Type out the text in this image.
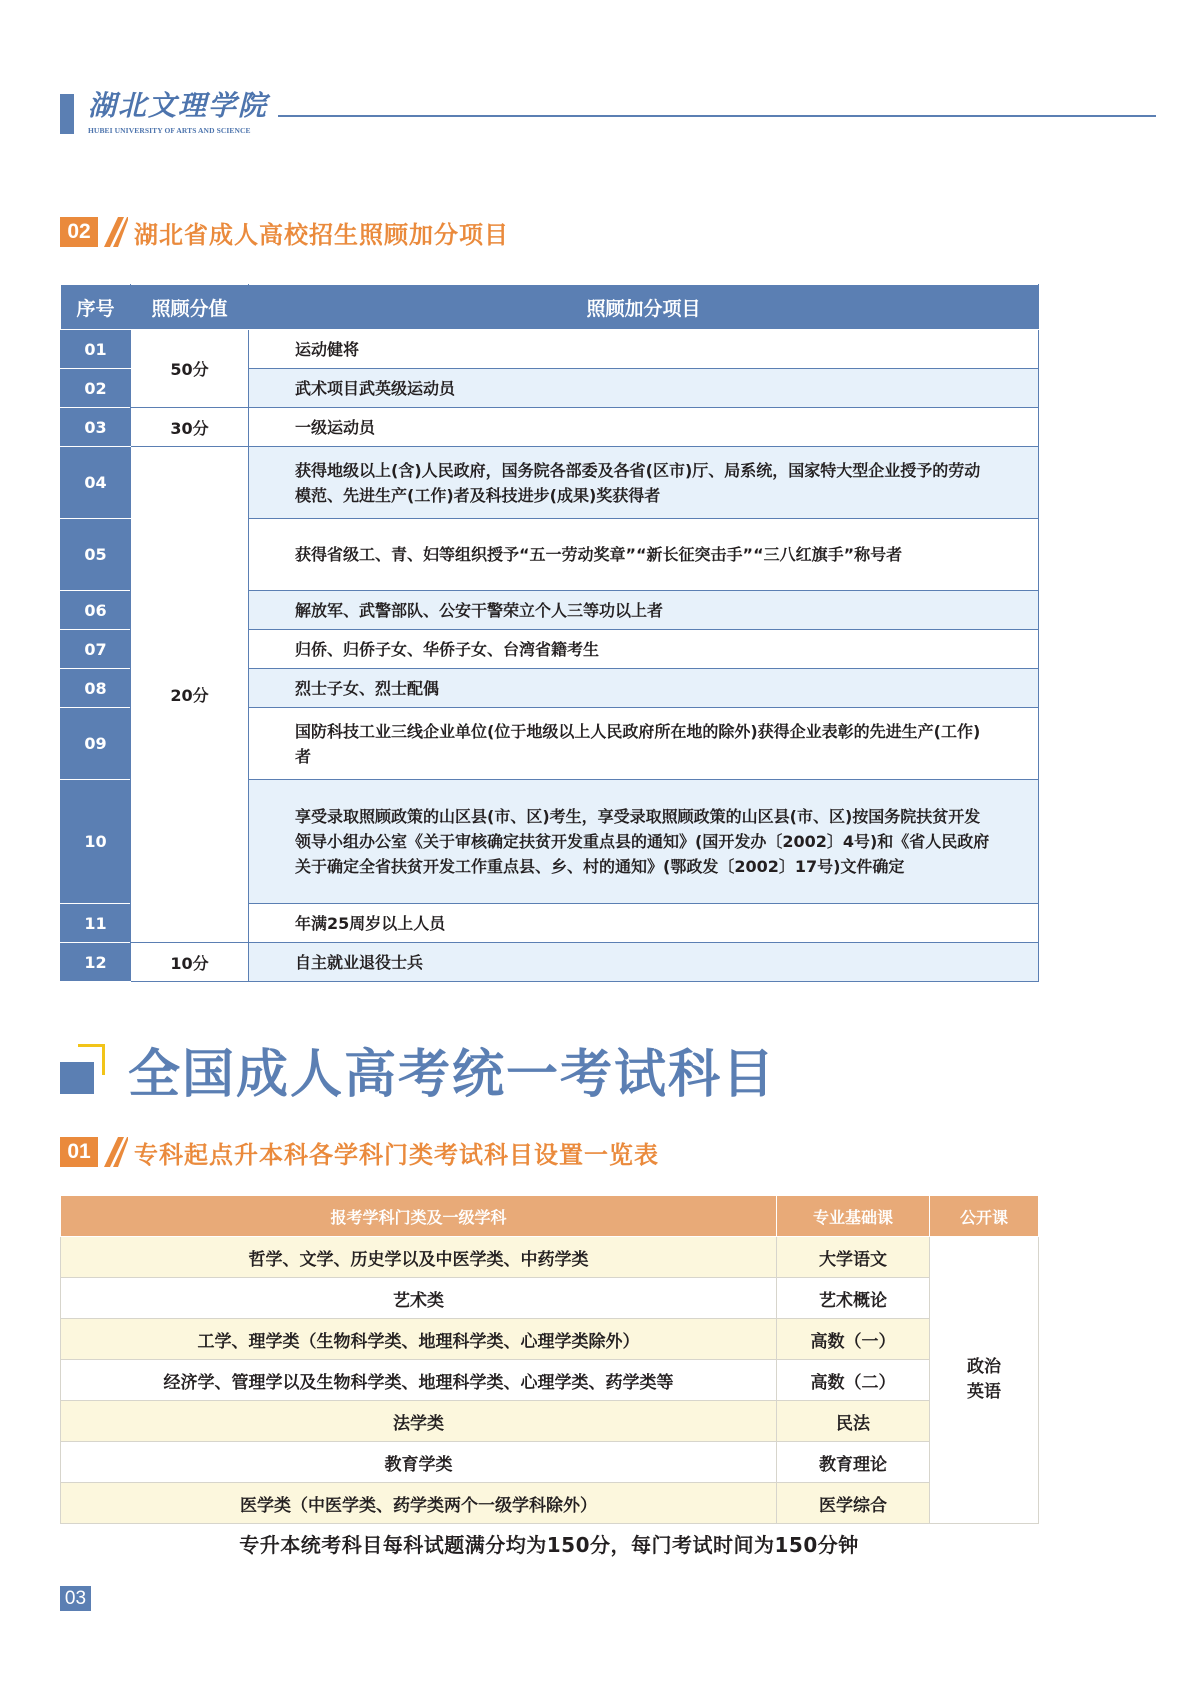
湖北文理学院
HUBEI UNIVERSITY OF ARTS AND SCIENCE
02	湖北省成人高校招生照顾加分项目
序号	照顾分值	照顾加分项目
01	50分	运动健将
02		武术项目武英级运动员
03	30分	一级运动员
04	20分	获得地级以上(含)人民政府，国务院各部委及各省(区市)厅、局系统，国家特大型企业授予的劳动模范、先进生产(工作)者及科技进步(成果)奖获得者
05		获得省级工、青、妇等组织授予“五一劳动奖章”“新长征突击手”“三八红旗手”称号者
06		解放军、武警部队、公安干警荣立个人三等功以上者
07		归侨、归侨子女、华侨子女、台湾省籍考生
08		烈士子女、烈士配偶
09		国防科技工业三线企业单位(位于地级以上人民政府所在地的除外)获得企业表彰的先进生产(工作)者
10		享受录取照顾政策的山区县(市、区)考生，享受录取照顾政策的山区县(市、区)按国务院扶贫开发领导小组办公室《关于审核确定扶贫开发重点县的通知》(国开发办〔2002〕4号)和《省人民政府关于确定全省扶贫开发工作重点县、乡、村的通知》(鄂政发〔2002〕17号)文件确定
11		年满25周岁以上人员
12	10分	自主就业退役士兵
全国成人高考统一考试科目
01	专科起点升本科各学科门类考试科目设置一览表
报考学科门类及一级学科	专业基础课	公开课
哲学、文学、历史学以及中医学类、中药学类	大学语文	政治
英语

艺术类	艺术概论	
工学、理学类（生物科学类、地理科学类、心理学类除外）	高数（一）	
经济学、管理学以及生物科学类、地理科学类、心理学类、药学类等	高数（二）	
法学类	民法	
教育学类	教育理论	
医学类（中医学类、药学类两个一级学科除外）	医学综合	
专升本统考科目每科试题满分均为150分，每门考试时间为150分钟
03
